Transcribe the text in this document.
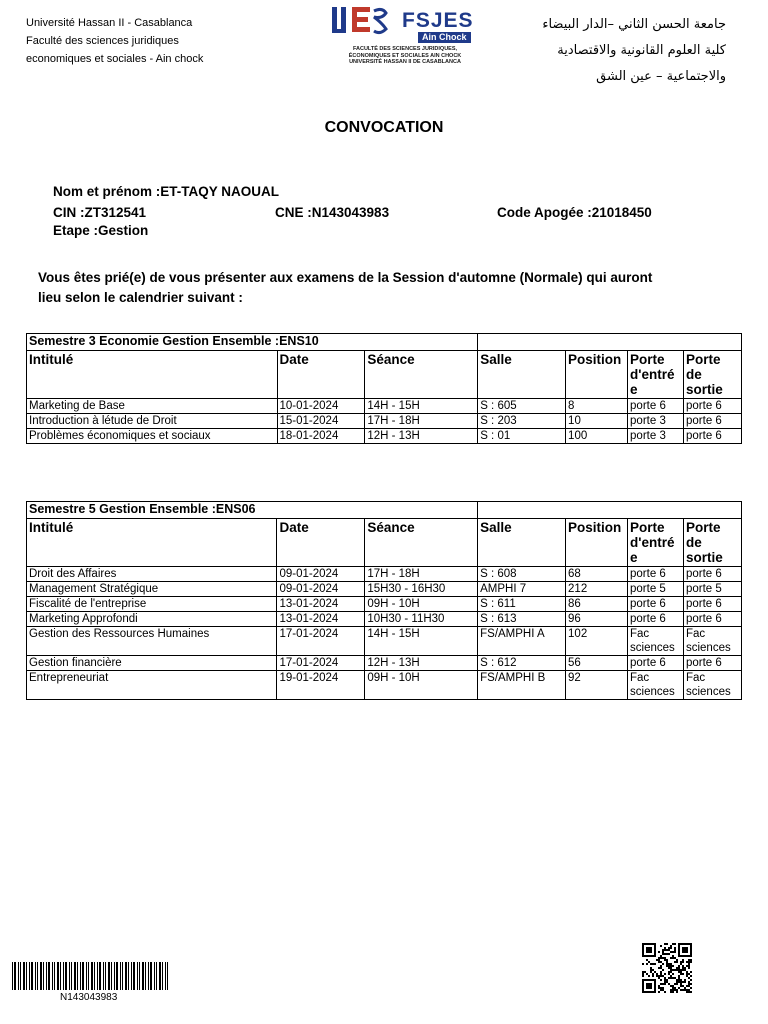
Université Hassan II - Casablanca
Faculté des sciences juridiques
economiques et sociales - Ain chock
FSJES
Ain Chock
FACULTÉ DES SCIENCES JURIDIQUES,
ÉCONOMIQUES ET SOCIALES AIN CHOCK
UNIVERSITÉ HASSAN II DE CASABLANCA
جامعة الحسن الثاني –الدار البيضاء
كلية العلوم القانونية والاقتصادية
والاجتماعية – عين الشق
CONVOCATION
Nom et prénom :ET-TAQY NAOUAL
CIN :ZT312541	CNE :N143043983	Code Apogée :21018450
Etape :Gestion
Vous êtes prié(e) de vous présenter aux examens de la Session d'automne (Normale) qui auront
lieu selon le calendrier suivant :
Semestre 3 Economie Gestion Ensemble :ENS10						
Intitulé	Date	Séance	Salle	Position	Porte d'entré e	Porte de sortie
Marketing de Base	10-01-2024	14H - 15H	S : 605	8	porte 6	porte 6
Introduction à létude de Droit	15-01-2024	17H - 18H	S : 203	10	porte 3	porte 6
Problèmes économiques et sociaux	18-01-2024	12H - 13H	S : 01	100	porte 3	porte 6
Semestre 5 Gestion Ensemble :ENS06						
Intitulé	Date	Séance	Salle	Position	Porte d'entré e	Porte de sortie
Droit des Affaires	09-01-2024	17H - 18H	S : 608	68	porte 6	porte 6
Management Stratégique	09-01-2024	15H30 - 16H30	AMPHI 7	212	porte 5	porte 5
Fiscalité de l'entreprise	13-01-2024	09H - 10H	S : 611	86	porte 6	porte 6
Marketing Approfondi	13-01-2024	10H30 - 11H30	S : 613	96	porte 6	porte 6
Gestion des Ressources Humaines	17-01-2024	14H - 15H	FS/AMPHI A	102	Fac sciences	Fac sciences
Gestion financière	17-01-2024	12H - 13H	S : 612	56	porte 6	porte 6
Entrepreneuriat	19-01-2024	09H - 10H	FS/AMPHI B	92	Fac sciences	Fac sciences
N143043983
